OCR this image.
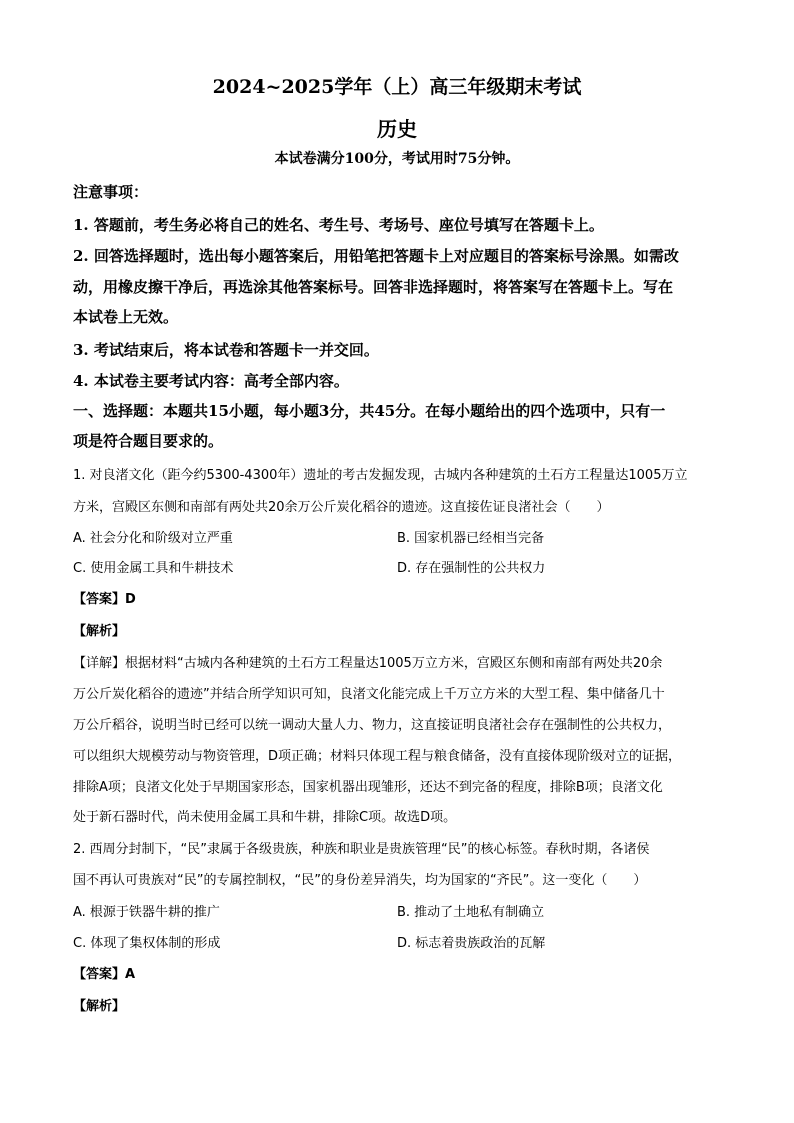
2024~2025学年（上）高三年级期末考试
历史
本试卷满分100分，考试用时75分钟。
注意事项：
1. 答题前，考生务必将自己的姓名、考生号、考场号、座位号填写在答题卡上。
2. 回答选择题时，选出每小题答案后，用铅笔把答题卡上对应题目的答案标号涂黑。如需改
动，用橡皮擦干净后，再选涂其他答案标号。回答非选择题时，将答案写在答题卡上。写在
本试卷上无效。
3. 考试结束后，将本试卷和答题卡一并交回。
4. 本试卷主要考试内容：高考全部内容。
一、选择题：本题共15小题，每小题3分，共45分。在每小题给出的四个选项中，只有一
项是符合题目要求的。
1. 对良渚文化（距今约5300-4300年）遗址的考古发掘发现，古城内各种建筑的土石方工程量达1005万立
方米，宫殿区东侧和南部有两处共20余万公斤炭化稻谷的遗迹。这直接佐证良渚社会（　　）
A. 社会分化和阶级对立严重	B. 国家机器已经相当完备
C. 使用金属工具和牛耕技术	D. 存在强制性的公共权力
【答案】D
【解析】
【详解】根据材料“古城内各种建筑的土石方工程量达1005万立方米，宫殿区东侧和南部有两处共20余
万公斤炭化稻谷的遗迹”并结合所学知识可知，良渚文化能完成上千万立方米的大型工程、集中储备几十
万公斤稻谷，说明当时已经可以统一调动大量人力、物力，这直接证明良渚社会存在强制性的公共权力，
可以组织大规模劳动与物资管理，D项正确；材料只体现工程与粮食储备，没有直接体现阶级对立的证据，
排除A项；良渚文化处于早期国家形态，国家机器出现雏形，还达不到完备的程度，排除B项；良渚文化
处于新石器时代，尚未使用金属工具和牛耕，排除C项。故选D项。
2. 西周分封制下，“民”隶属于各级贵族，种族和职业是贵族管理“民”的核心标签。春秋时期，各诸侯
国不再认可贵族对“民”的专属控制权，“民”的身份差异消失，均为国家的“齐民”。这一变化（　　）
A. 根源于铁器牛耕的推广	B. 推动了土地私有制确立
C. 体现了集权体制的形成	D. 标志着贵族政治的瓦解
【答案】A
【解析】
